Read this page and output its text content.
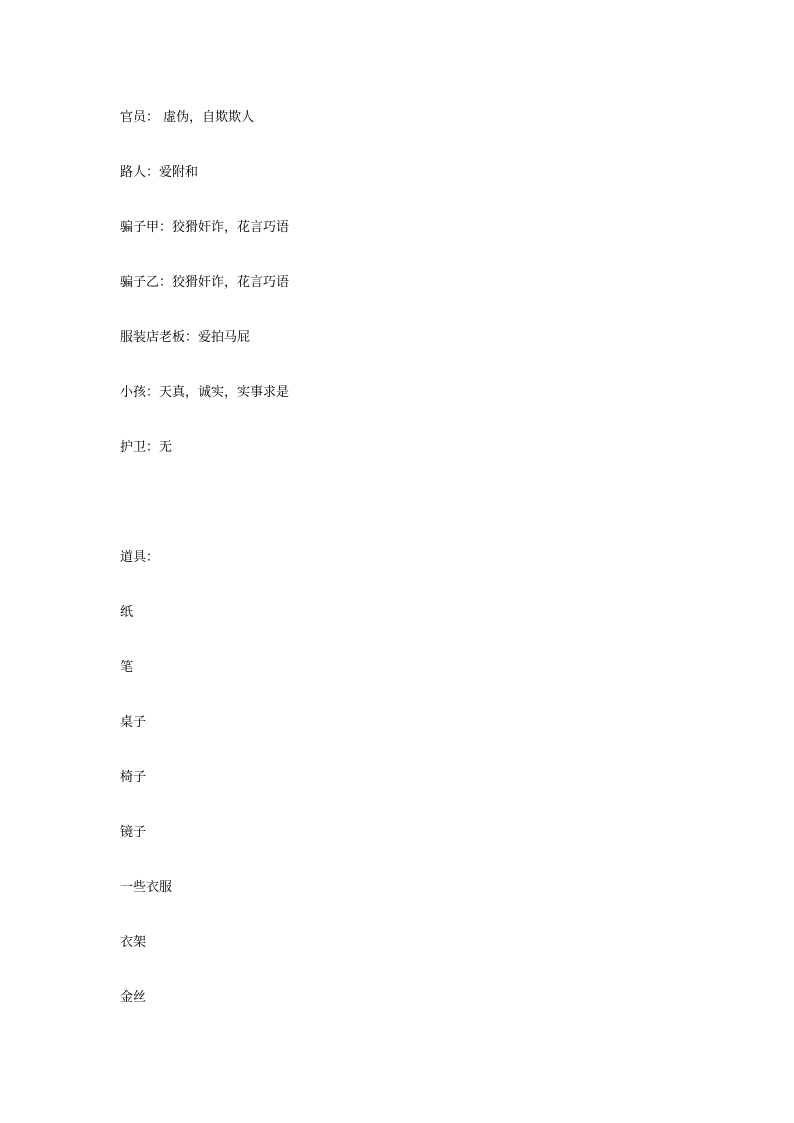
官员： 虚伪，自欺欺人
路人：爱附和
骗子甲：狡猾奸诈，花言巧语
骗子乙：狡猾奸诈，花言巧语
服装店老板：爱拍马屁
小孩：天真，诚实，实事求是
护卫：无
道具：
纸
笔
桌子
椅子
镜子
一些衣服
衣架
金丝
